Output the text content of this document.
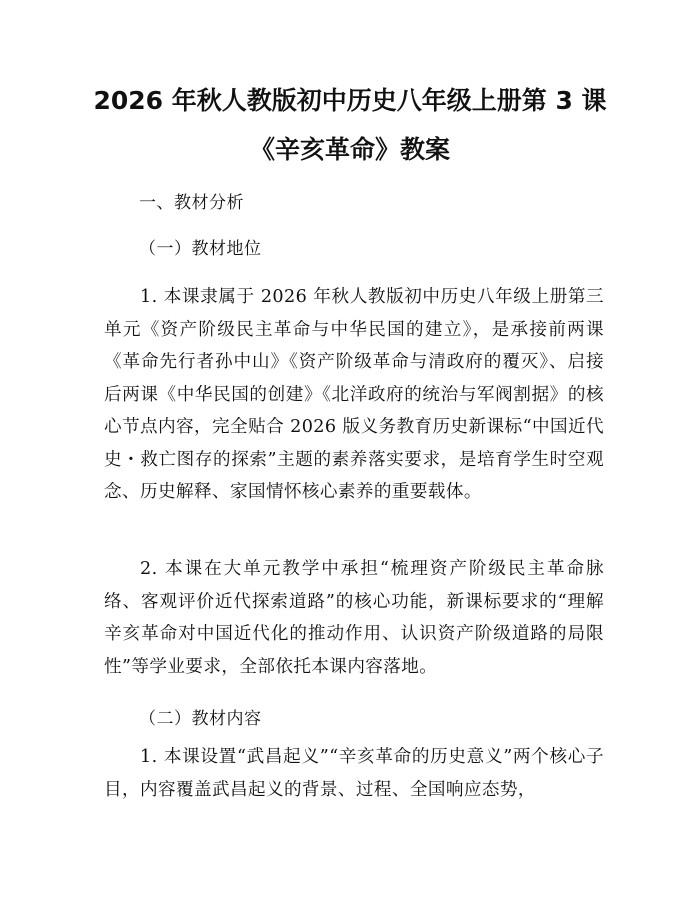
2026 年秋人教版初中历史八年级上册第 3 课
《辛亥革命》教案
一、教材分析
（一）教材地位
1. 本课隶属于 2026 年秋人教版初中历史八年级上册第三单元《资产阶级民主革命与中华民国的建立》，是承接前两课《革命先行者孙中山》《资产阶级革命与清政府的覆灭》、启接后两课《中华民国的创建》《北洋政府的统治与军阀割据》的核心节点内容，完全贴合 2026 版义务教育历史新课标“中国近代史・救亡图存的探索”主题的素养落实要求，是培育学生时空观念、历史解释、家国情怀核心素养的重要载体。
2. 本课在大单元教学中承担“梳理资产阶级民主革命脉络、客观评价近代探索道路”的核心功能，新课标要求的“理解辛亥革命对中国近代化的推动作用、认识资产阶级道路的局限性”等学业要求，全部依托本课内容落地。
（二）教材内容
1. 本课设置“武昌起义”“辛亥革命的历史意义”两个核心子目，内容覆盖武昌起义的背景、过程、全国响应态势，
